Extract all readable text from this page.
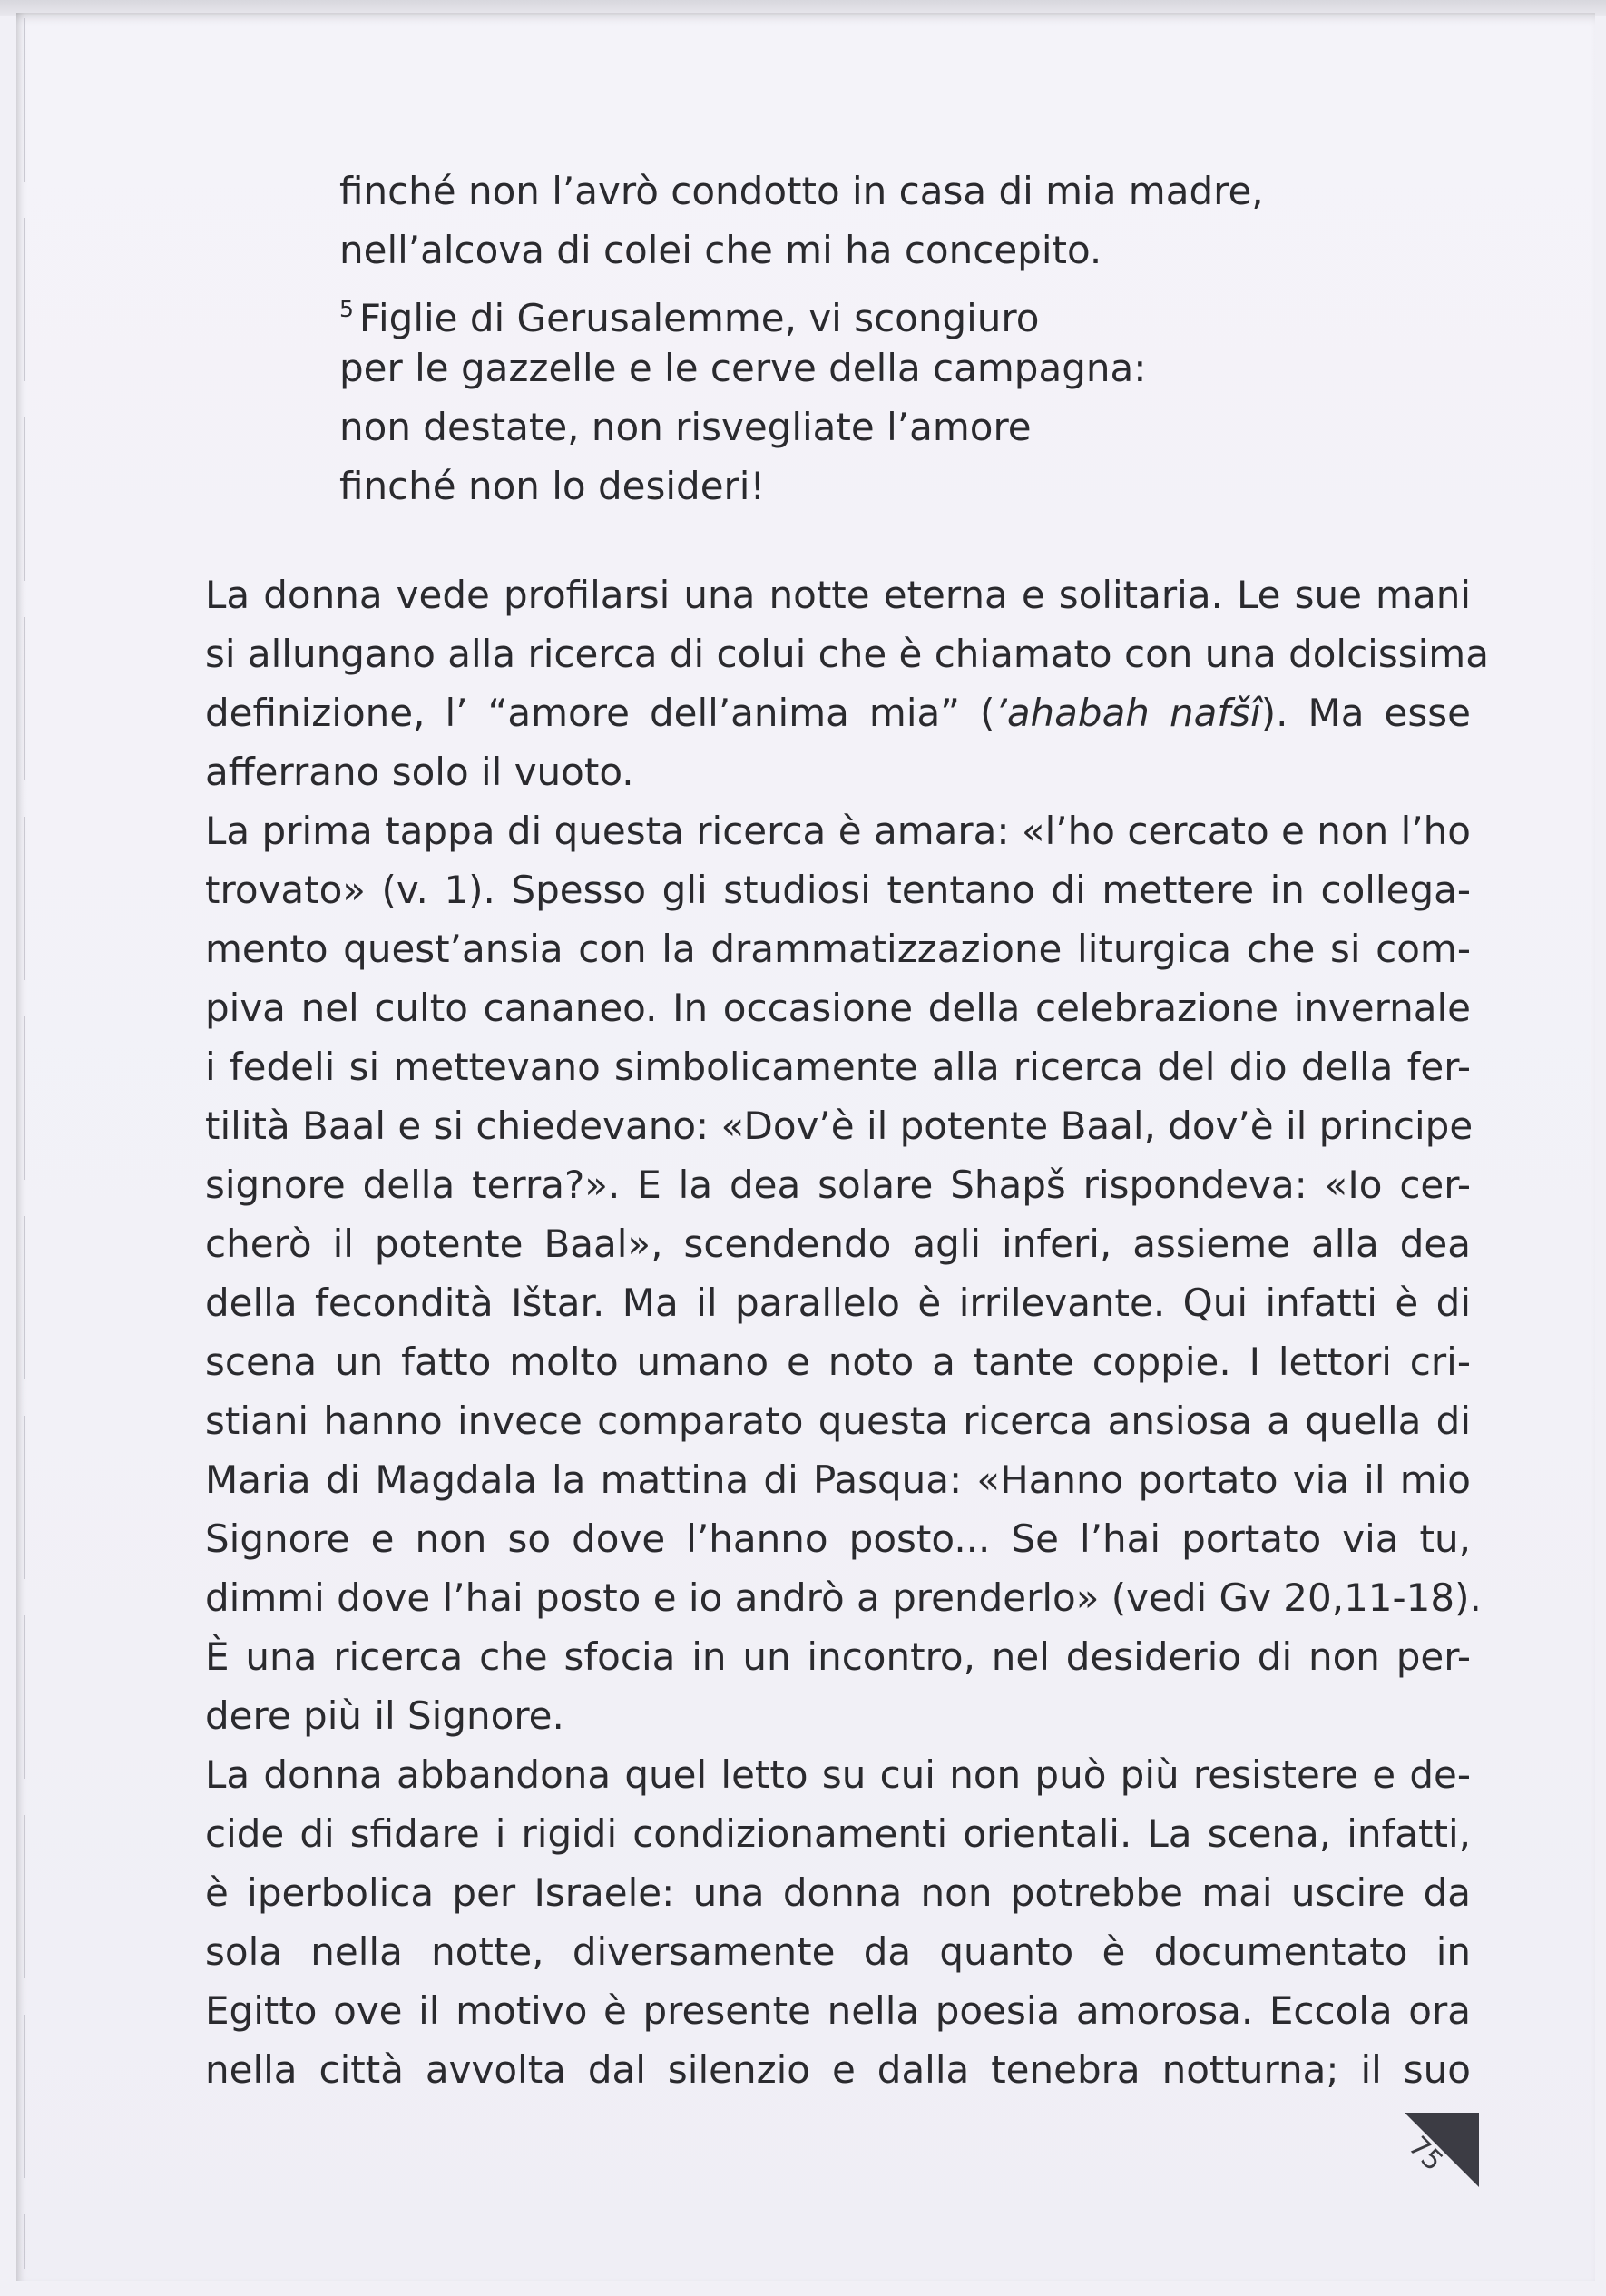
finché non l’avrò condotto in casa di mia madre,
nell’alcova di colei che mi ha concepito.
$^5$ Figlie di Gerusalemme, vi scongiuro
per le gazzelle e le cerve della campagna:
non destate, non risvegliate l’amore
finché non lo desideri!
La donna vede profilarsi una notte eterna e solitaria. Le sue mani
si allungano alla ricerca di colui che è chiamato con una dolcissima
definizione, l’ “amore dell’anima mia” (’ahabah nafšî). Ma esse
afferrano solo il vuoto.
La prima tappa di questa ricerca è amara: «l’ho cercato e non l’ho
trovato» (v. 1). Spesso gli studiosi tentano di mettere in collega-
mento quest’ansia con la drammatizzazione liturgica che si com-
piva nel culto cananeo. In occasione della celebrazione invernale
i fedeli si mettevano simbolicamente alla ricerca del dio della fer-
tilità Baal e si chiedevano: «Dov’è il potente Baal, dov’è il principe
signore della terra?». E la dea solare Shapš rispondeva: «Io cer-
cherò il potente Baal», scendendo agli inferi, assieme alla dea
della fecondità Ištar. Ma il parallelo è irrilevante. Qui infatti è di
scena un fatto molto umano e noto a tante coppie. I lettori cri-
stiani hanno invece comparato questa ricerca ansiosa a quella di
Maria di Magdala la mattina di Pasqua: «Hanno portato via il mio
Signore e non so dove l’hanno posto... Se l’hai portato via tu,
dimmi dove l’hai posto e io andrò a prenderlo» (vedi Gv 20,11-18).
È una ricerca che sfocia in un incontro, nel desiderio di non per-
dere più il Signore.
La donna abbandona quel letto su cui non può più resistere e de-
cide di sfidare i rigidi condizionamenti orientali. La scena, infatti,
è iperbolica per Israele: una donna non potrebbe mai uscire da
sola nella notte, diversamente da quanto è documentato in
Egitto ove il motivo è presente nella poesia amorosa. Eccola ora
nella città avvolta dal silenzio e dalla tenebra notturna; il suo
75
